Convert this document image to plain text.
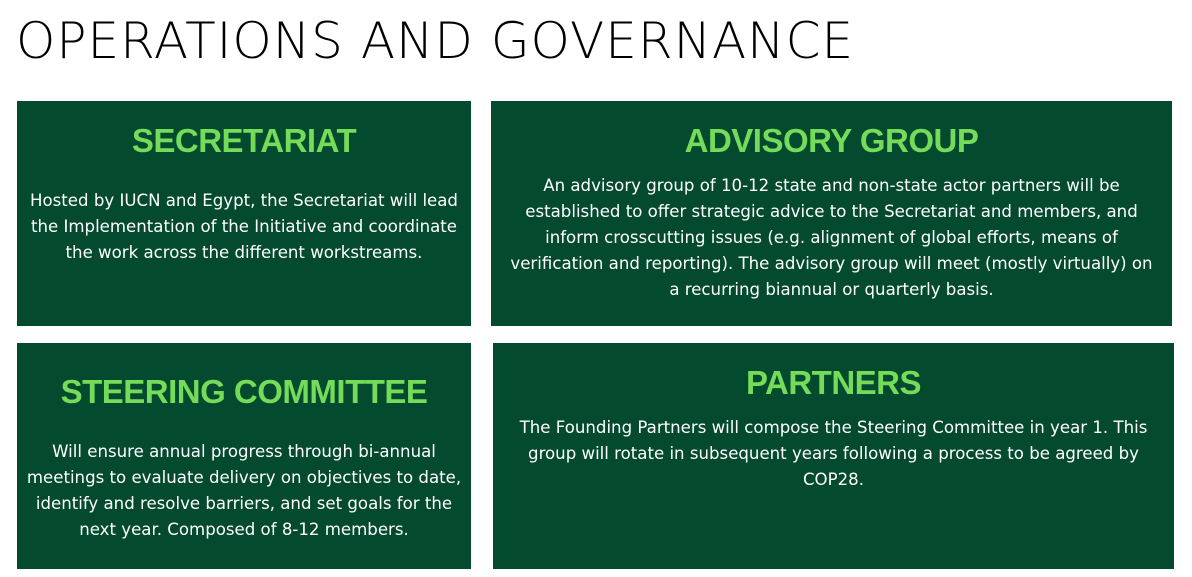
OPERATIONS AND GOVERNANCE
SECRETARIAT

Hosted by IUCN and Egypt, the Secretariat will lead the Implementation of the Initiative and coordinate the work across the different workstreams.

ADVISORY GROUP

An advisory group of 10-12 state and non-state actor partners will be established to offer strategic advice to the Secretariat and members, and inform crosscutting issues (e.g. alignment of global efforts, means of verification and reporting). The advisory group will meet (mostly virtually) on a recurring biannual or quarterly basis.

STEERING COMMITTEE

Will ensure annual progress through bi-annual meetings to evaluate delivery on objectives to date, identify and resolve barriers, and set goals for the next year. Composed of 8-12 members.

PARTNERS

The Founding Partners will compose the Steering Committee in year 1. This group will rotate in subsequent years following a process to be agreed by COP28.
